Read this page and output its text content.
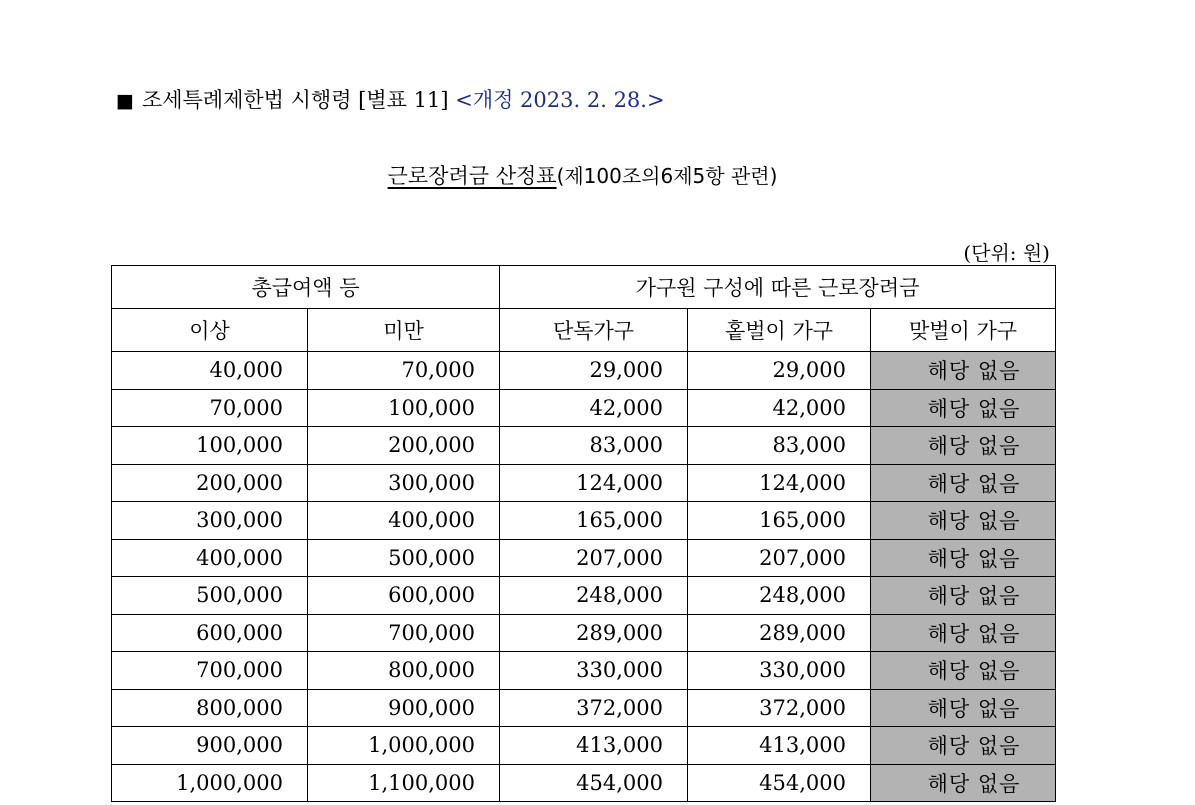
■ 조세특례제한법 시행령 [별표 11] <개정 2023. 2. 28.>
근로장려금 산정표(제100조의6제5항 관련)
(단위: 원)
총급여액 등		가구원 구성에 따른 근로장려금		
이상	미만	단독가구	홑벌이 가구	맞벌이 가구
40,000	70,000	29,000	29,000	해당 없음
70,000	100,000	42,000	42,000	해당 없음
100,000	200,000	83,000	83,000	해당 없음
200,000	300,000	124,000	124,000	해당 없음
300,000	400,000	165,000	165,000	해당 없음
400,000	500,000	207,000	207,000	해당 없음
500,000	600,000	248,000	248,000	해당 없음
600,000	700,000	289,000	289,000	해당 없음
700,000	800,000	330,000	330,000	해당 없음
800,000	900,000	372,000	372,000	해당 없음
900,000	1,000,000	413,000	413,000	해당 없음
1,000,000	1,100,000	454,000	454,000	해당 없음
